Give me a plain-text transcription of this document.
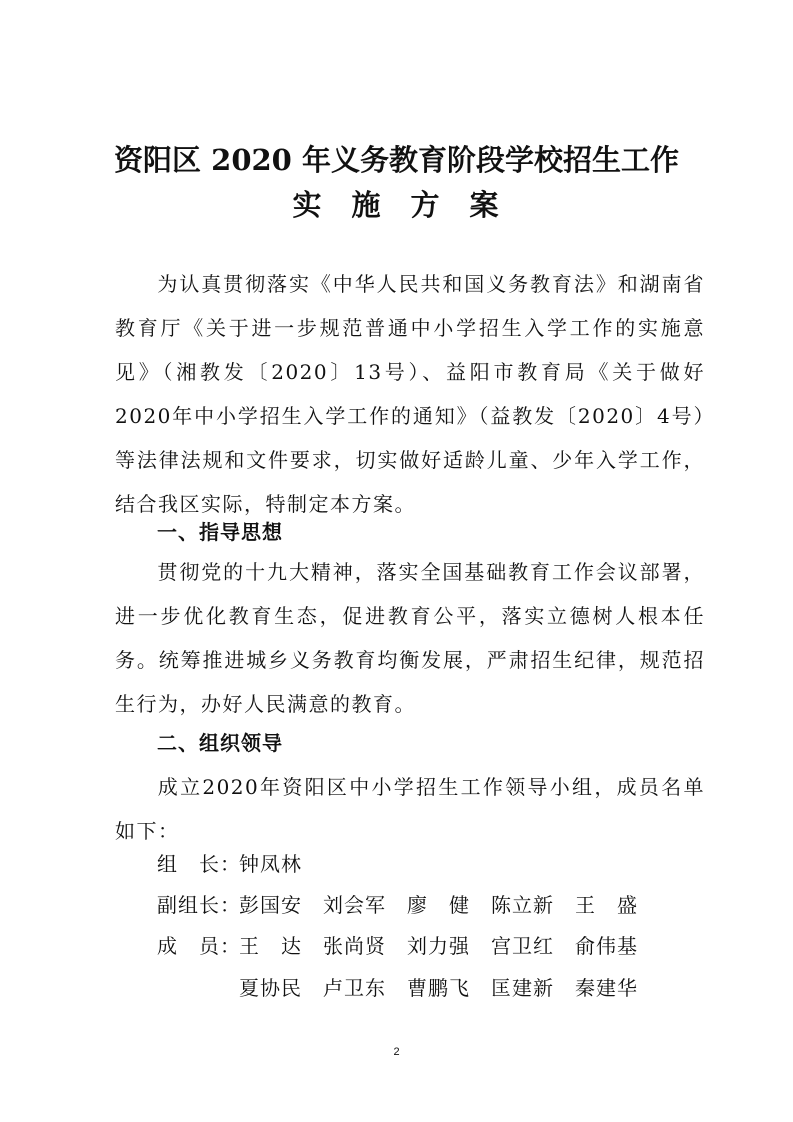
资阳区 2020 年义务教育阶段学校招生工作
实 施 方 案
为认真贯彻落实《中华人民共和国义务教育法》和湖南省教育厅《关于进一步规范普通中小学招生入学工作的实施意见》（湘教发〔2020〕13号）、益阳市教育局《关于做好2020年中小学招生入学工作的通知》（益教发〔2020〕4号）等法律法规和文件要求，切实做好适龄儿童、少年入学工作，结合我区实际，特制定本方案。
一、指导思想
贯彻党的十九大精神，落实全国基础教育工作会议部署，进一步优化教育生态，促进教育公平，落实立德树人根本任务。统筹推进城乡义务教育均衡发展，严肃招生纪律，规范招生行为，办好人民满意的教育。
二、组织领导
成立2020年资阳区中小学招生工作领导小组，成员名单如下：
组　长：钟凤林
副组长：彭国安 刘会军 廖　健 陈立新 王　盛
成　员：王　达 张尚贤 刘力强 宫卫红 俞伟基
夏协民 卢卫东 曹鹏飞 匡建新 秦建华
2
